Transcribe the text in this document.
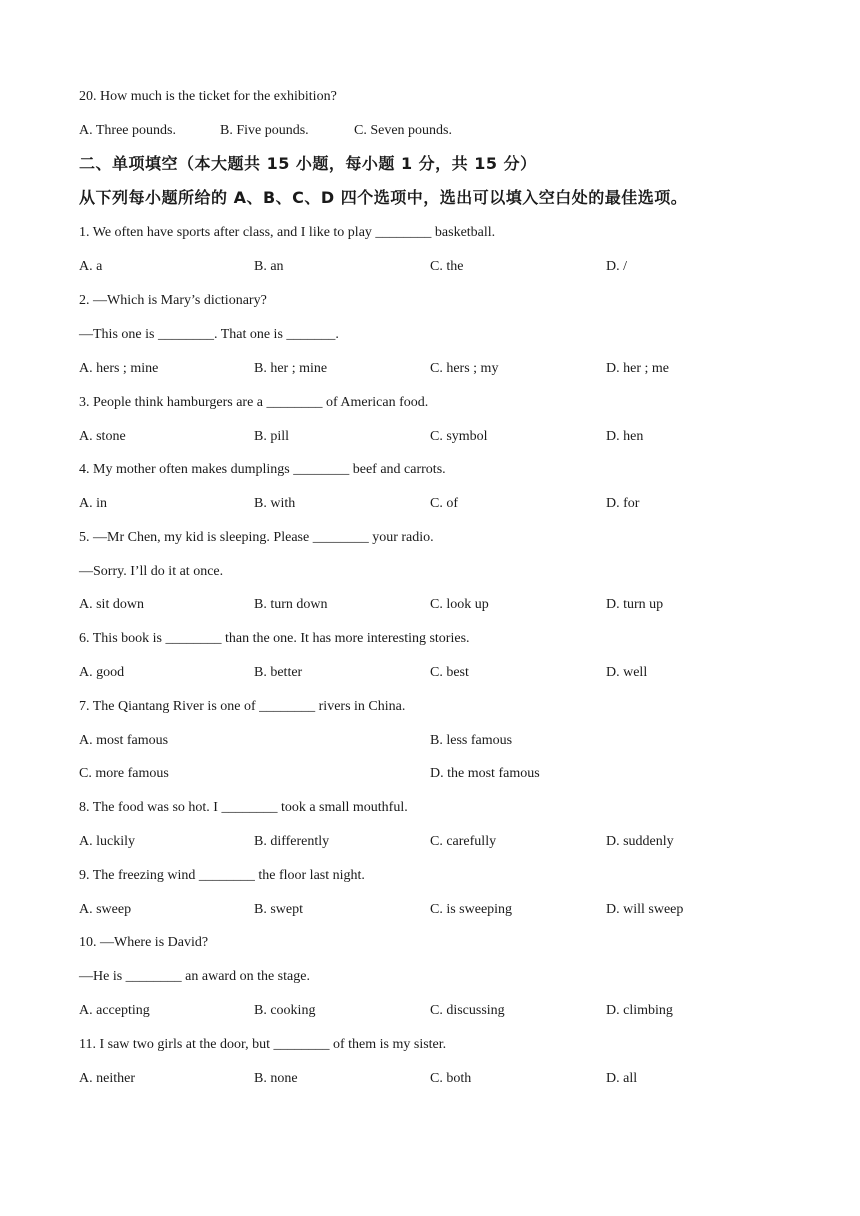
20. How much is the ticket for the exhibition?
A. Three pounds.	B. Five pounds.	C. Seven pounds.
二、单项填空（本大题共 15 小题，每小题 1 分，共 15 分）
从下列每小题所给的 A、B、C、D 四个选项中，选出可以填入空白处的最佳选项。
1. We often have sports after class, and I like to play ________ basketball.
A. a	B. an	C. the	D. /
2. —Which is Mary’s dictionary?
—This one is ________. That one is _______.
A. hers ; mine	B. her ; mine	C. hers ; my	D. her ; me
3. People think hamburgers are a ________ of American food.
A. stone	B. pill	C. symbol	D. hen
4. My mother often makes dumplings ________ beef and carrots.
A. in	B. with	C. of	D. for
5. —Mr Chen, my kid is sleeping. Please ________ your radio.
—Sorry. I’ll do it at once.
A. sit down	B. turn down	C. look up	D. turn up
6. This book is ________ than the one. It has more interesting stories.
A. good	B. better	C. best	D. well
7. The Qiantang River is one of ________ rivers in China.
A. most famous	B. less famous
C. more famous	D. the most famous
8. The food was so hot. I ________ took a small mouthful.
A. luckily	B. differently	C. carefully	D. suddenly
9. The freezing wind ________ the floor last night.
A. sweep	B. swept	C. is sweeping	D. will sweep
10. —Where is David?
—He is ________ an award on the stage.
A. accepting	B. cooking	C. discussing	D. climbing
11. I saw two girls at the door, but ________ of them is my sister.
A. neither	B. none	C. both	D. all
